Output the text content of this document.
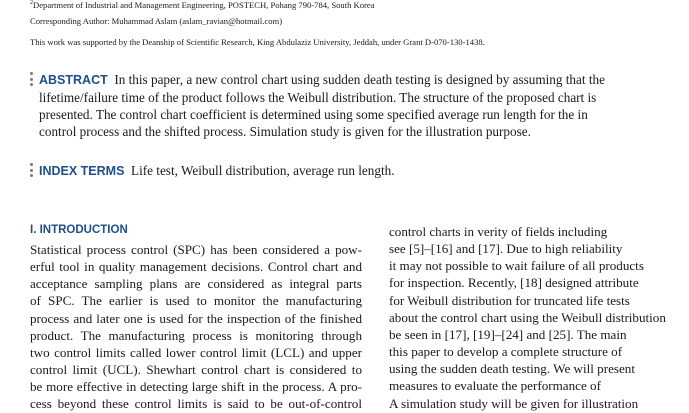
$^2$Department of Industrial and Management Engineering, POSTECH, Pohang 790-784, South Korea
Corresponding Author: Muhammad Aslam (aslam_ravian@hotmail.com)
This work was supported by the Deanship of Scientific Research, King Abdulaziz University, Jeddah, under Grant D-070-130-1438.
ABSTRACT In this paper, a new control chart using sudden death testing is designed by assuming that the
lifetime/failure time of the product follows the Weibull distribution. The structure of the proposed chart is
presented. The control chart coefficient is determined using some specified average run length for the in
control process and the shifted process. Simulation study is given for the illustration purpose.
INDEX TERMS Life test, Weibull distribution, average run length.
I. INTRODUCTION
Statistical process control (SPC) has been considered a pow-
erful tool in quality management decisions. Control chart and
acceptance sampling plans are considered as integral parts
of SPC. The earlier is used to monitor the manufacturing
process and later one is used for the inspection of the finished
product. The manufacturing process is monitoring through
two control limits called lower control limit (LCL) and upper
control limit (UCL). Shewhart control chart is considered to
be more effective in detecting large shift in the process. A pro-
cess beyond these control limits is said to be out-of-control
control charts in verity of fields including
see [5]–[16] and [17]. Due to high reliability
it may not possible to wait failure of all products
for inspection. Recently, [18] designed attribute
for Weibull distribution for truncated life tests
about the control chart using the Weibull distribution
be seen in [17], [19]–[24] and [25]. The main
this paper to develop a complete structure of
using the sudden death testing. We will present
measures to evaluate the performance of
A simulation study will be given for illustration
